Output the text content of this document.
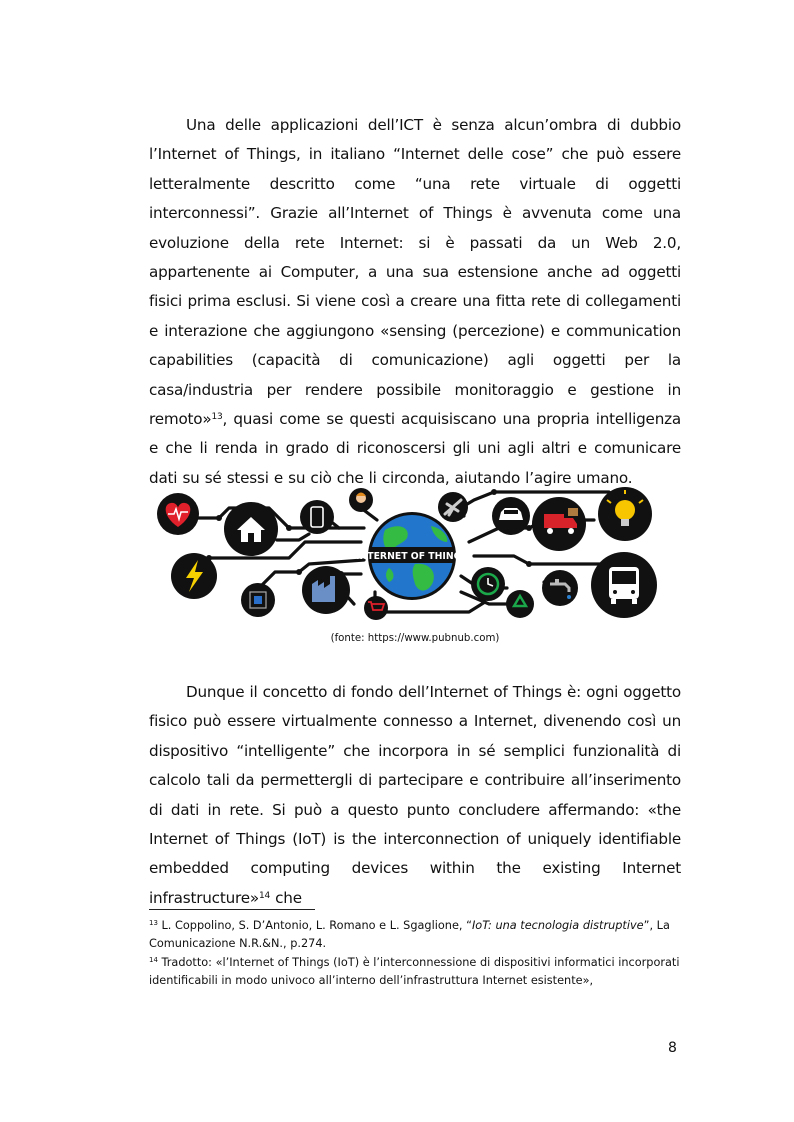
Una delle applicazioni dell’ICT è senza alcun’ombra di dubbio l’Internet of Things, in italiano “Internet delle cose” che può essere letteralmente descritto come “una rete virtuale di oggetti interconnessi”. Grazie all’Internet of Things è avvenuta come una evoluzione della rete Internet: si è passati da un Web 2.0, appartenente ai Computer, a una sua estensione anche ad oggetti fisici prima esclusi. Si viene così a creare una fitta rete di collegamenti e interazione che aggiungono «sensing (percezione) e communication capabilities (capacità di comunicazione) agli oggetti per la casa/industria per rendere possibile monitoraggio e gestione in remoto»$^{13}$, quasi come se questi acquisiscano una propria intelligenza e che li renda in grado di riconoscersi gli uni agli altri e comunicare dati su sé stessi e su ciò che li circonda, aiutando l’agire umano.

INTERNET OF THINGS
(fonte: https://www.pubnub.com)

Dunque il concetto di fondo dell’Internet of Things è: ogni oggetto fisico può essere virtualmente connesso a Internet, divenendo così un dispositivo “intelligente” che incorpora in sé semplici funzionalità di calcolo tali da permettergli di partecipare e contribuire all’inserimento di dati in rete. Si può a questo punto concludere affermando: «the Internet of Things (IoT) is the interconnection of uniquely identifiable embedded computing devices within the existing Internet infrastructure»$^{14}$ che

$^{13}$ L. Coppolino, S. D’Antonio, L. Romano e L. Sgaglione, “IoT: una tecnologia distruptive”, La Comunicazione N.R.&N., p.274.

$^{14}$ Tradotto: «l’Internet of Things (IoT) è l’interconnessione di dispositivi informatici incorporati identificabili in modo univoco all’interno dell’infrastruttura Internet esistente»,

8
